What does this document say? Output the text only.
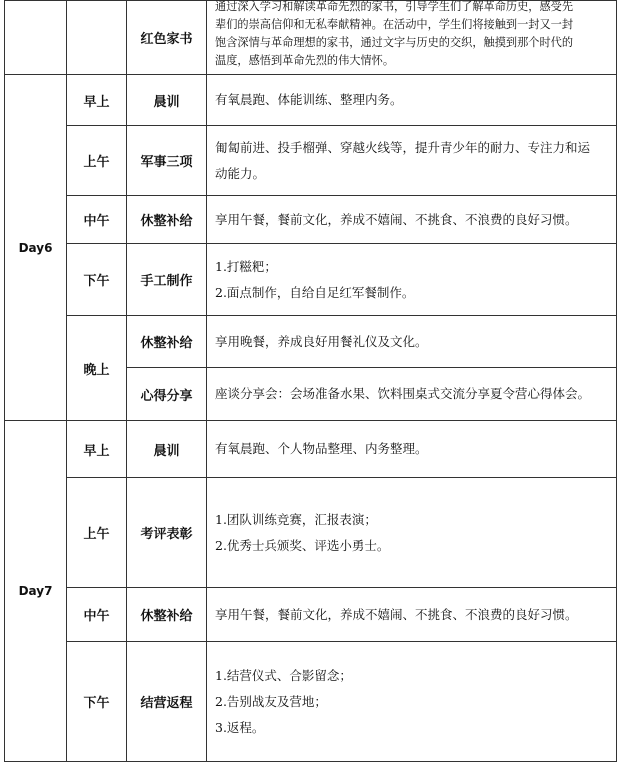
		红色家书	通过深入学习和解读革命先烈的家书，引导学生们了解革命历史，感受先
辈们的崇高信仰和无私奉献精神。在活动中，学生们将接触到一封又一封
饱含深情与革命理想的家书，通过文字与历史的交织，触摸到那个时代的
温度，感悟到革命先烈的伟大情怀。

Day6	早上	晨训	有氧晨跑、体能训练、整理内务。

	上午	军事三项	匍匐前进、投手榴弹、穿越火线等，提升青少年的耐力、专注力和运
动能力。

	中午	休整补给	享用午餐，餐前文化，养成不嬉闹、不挑食、不浪费的良好习惯。

	下午	手工制作	1.打糍粑；
2.面点制作，自给自足红军餐制作。

	晚上	休整补给	享用晚餐，养成良好用餐礼仪及文化。

		心得分享	座谈分享会：会场准备水果、饮料围桌式交流分享夏令营心得体会。

Day7	早上	晨训	有氧晨跑、个人物品整理、内务整理。

	上午	考评表彰	1.团队训练竞赛，汇报表演；
2.优秀士兵颁奖、评选小勇士。

	中午	休整补给	享用午餐，餐前文化，养成不嬉闹、不挑食、不浪费的良好习惯。

	下午	结营返程	1.结营仪式、合影留念；
2.告别战友及营地；
3.返程。
